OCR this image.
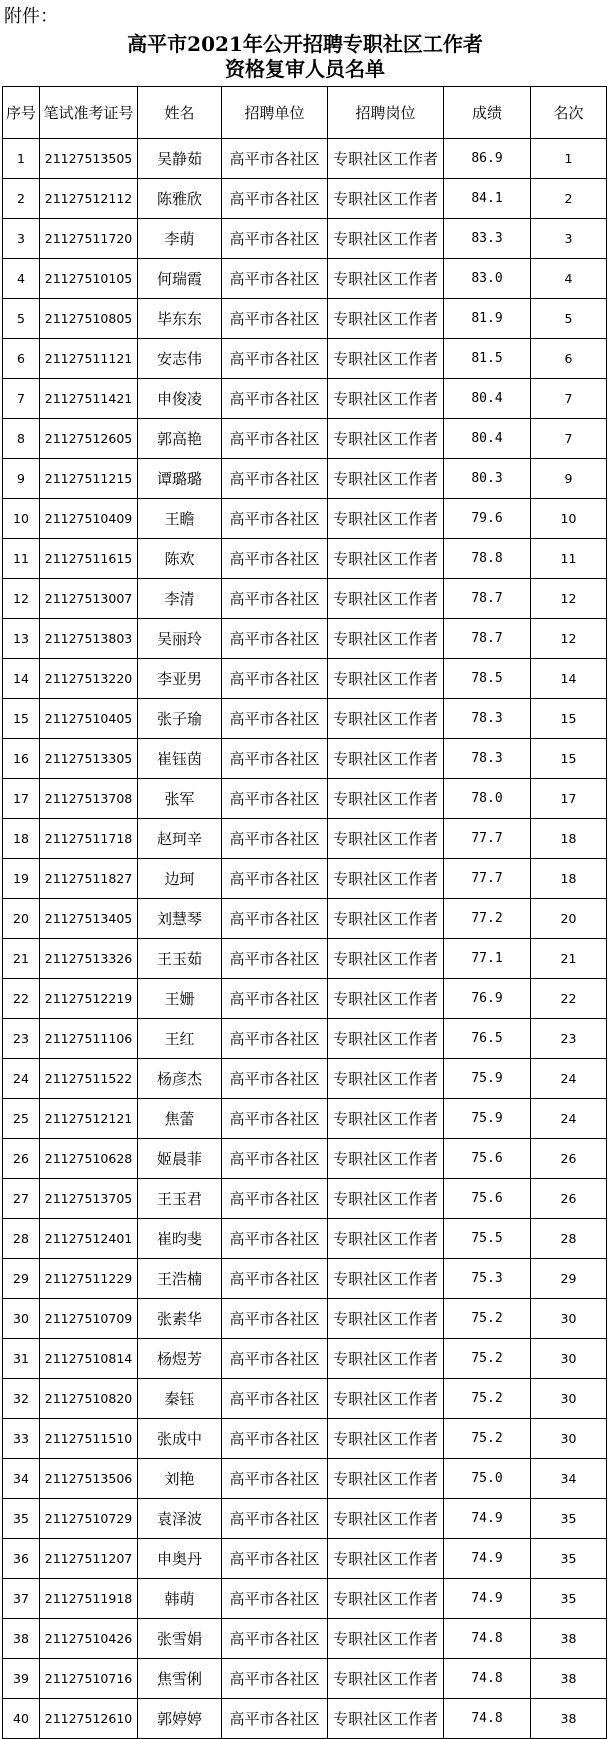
附件：
高平市2021年公开招聘专职社区工作者
资格复审人员名单
序号	笔试准考证号	姓名	招聘单位	招聘岗位	成绩	名次
1	21127513505	吴静茹	高平市各社区	专职社区工作者	86.9	1
2	21127512112	陈雅欣	高平市各社区	专职社区工作者	84.1	2
3	21127511720	李萌	高平市各社区	专职社区工作者	83.3	3
4	21127510105	何瑞霞	高平市各社区	专职社区工作者	83.0	4
5	21127510805	毕东东	高平市各社区	专职社区工作者	81.9	5
6	21127511121	安志伟	高平市各社区	专职社区工作者	81.5	6
7	21127511421	申俊凌	高平市各社区	专职社区工作者	80.4	7
8	21127512605	郭高艳	高平市各社区	专职社区工作者	80.4	7
9	21127511215	谭璐璐	高平市各社区	专职社区工作者	80.3	9
10	21127510409	王瞻	高平市各社区	专职社区工作者	79.6	10
11	21127511615	陈欢	高平市各社区	专职社区工作者	78.8	11
12	21127513007	李清	高平市各社区	专职社区工作者	78.7	12
13	21127513803	吴丽玲	高平市各社区	专职社区工作者	78.7	12
14	21127513220	李亚男	高平市各社区	专职社区工作者	78.5	14
15	21127510405	张子瑜	高平市各社区	专职社区工作者	78.3	15
16	21127513305	崔钰茵	高平市各社区	专职社区工作者	78.3	15
17	21127513708	张军	高平市各社区	专职社区工作者	78.0	17
18	21127511718	赵珂辛	高平市各社区	专职社区工作者	77.7	18
19	21127511827	边珂	高平市各社区	专职社区工作者	77.7	18
20	21127513405	刘慧琴	高平市各社区	专职社区工作者	77.2	20
21	21127513326	王玉茹	高平市各社区	专职社区工作者	77.1	21
22	21127512219	王姗	高平市各社区	专职社区工作者	76.9	22
23	21127511106	王红	高平市各社区	专职社区工作者	76.5	23
24	21127511522	杨彦杰	高平市各社区	专职社区工作者	75.9	24
25	21127512121	焦蕾	高平市各社区	专职社区工作者	75.9	24
26	21127510628	姬晨菲	高平市各社区	专职社区工作者	75.6	26
27	21127513705	王玉君	高平市各社区	专职社区工作者	75.6	26
28	21127512401	崔昀斐	高平市各社区	专职社区工作者	75.5	28
29	21127511229	王浩楠	高平市各社区	专职社区工作者	75.3	29
30	21127510709	张素华	高平市各社区	专职社区工作者	75.2	30
31	21127510814	杨煜芳	高平市各社区	专职社区工作者	75.2	30
32	21127510820	秦钰	高平市各社区	专职社区工作者	75.2	30
33	21127511510	张成中	高平市各社区	专职社区工作者	75.2	30
34	21127513506	刘艳	高平市各社区	专职社区工作者	75.0	34
35	21127510729	袁泽波	高平市各社区	专职社区工作者	74.9	35
36	21127511207	申奥丹	高平市各社区	专职社区工作者	74.9	35
37	21127511918	韩萌	高平市各社区	专职社区工作者	74.9	35
38	21127510426	张雪娟	高平市各社区	专职社区工作者	74.8	38
39	21127510716	焦雪俐	高平市各社区	专职社区工作者	74.8	38
40	21127512610	郭婷婷	高平市各社区	专职社区工作者	74.8	38
